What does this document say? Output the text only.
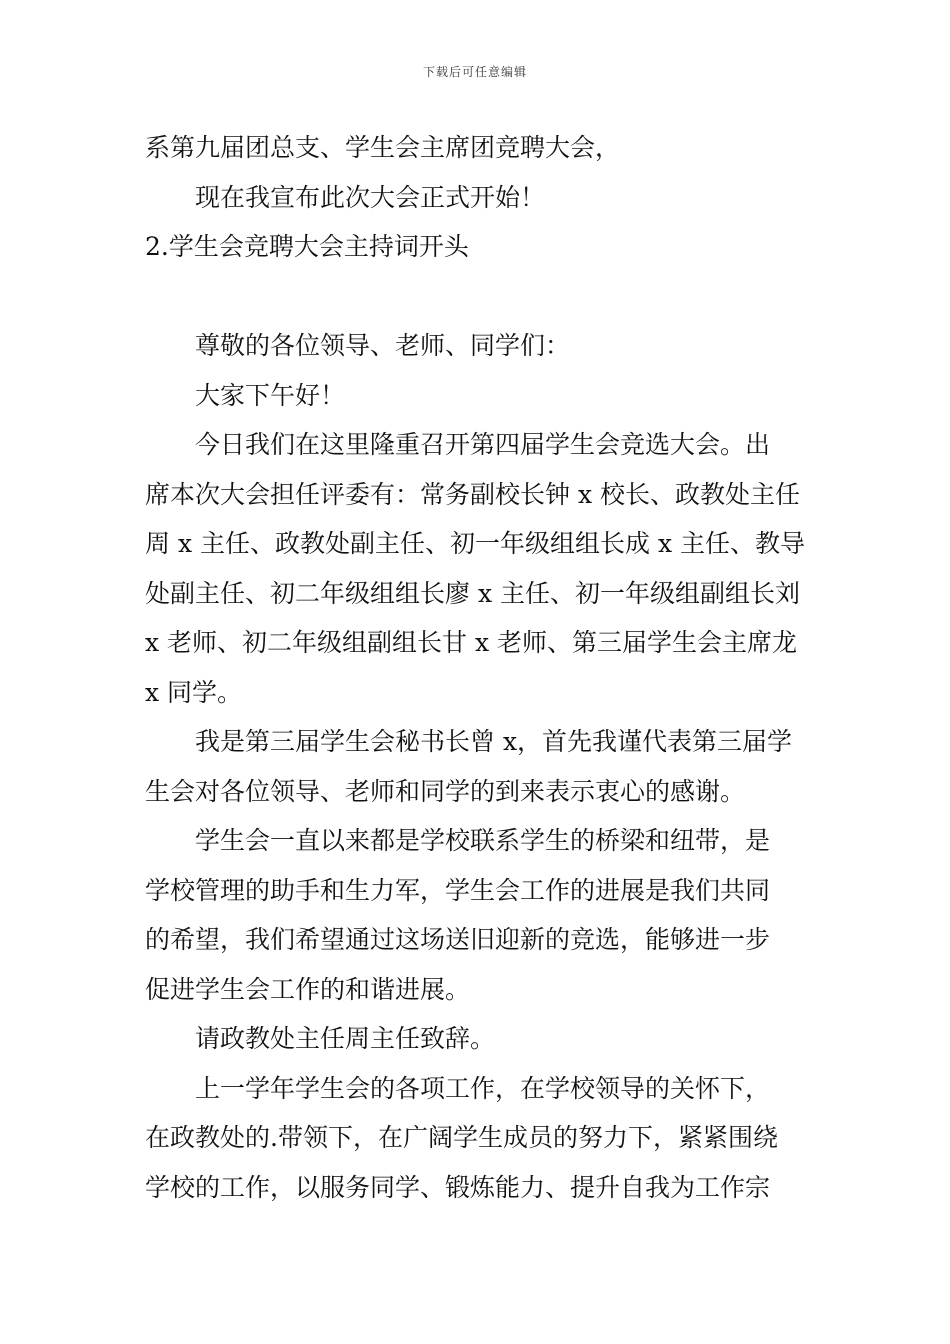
下载后可任意编辑
系第九届团总支、学生会主席团竞聘大会，
现在我宣布此次大会正式开始！
2.学生会竞聘大会主持词开头
尊敬的各位领导、老师、同学们：
大家下午好！
今日我们在这里隆重召开第四届学生会竞选大会。出
席本次大会担任评委有：常务副校长钟 x 校长、政教处主任
周 x 主任、政教处副主任、初一年级组组长成 x 主任、教导
处副主任、初二年级组组长廖 x 主任、初一年级组副组长刘
x 老师、初二年级组副组长甘 x 老师、第三届学生会主席龙
x 同学。
我是第三届学生会秘书长曾 x，首先我谨代表第三届学
生会对各位领导、老师和同学的到来表示衷心的感谢。
学生会一直以来都是学校联系学生的桥梁和纽带，是
学校管理的助手和生力军，学生会工作的进展是我们共同
的希望，我们希望通过这场送旧迎新的竞选，能够进一步
促进学生会工作的和谐进展。
请政教处主任周主任致辞。
上一学年学生会的各项工作，在学校领导的关怀下，
在政教处的.带领下，在广阔学生成员的努力下，紧紧围绕
学校的工作，以服务同学、锻炼能力、提升自我为工作宗
